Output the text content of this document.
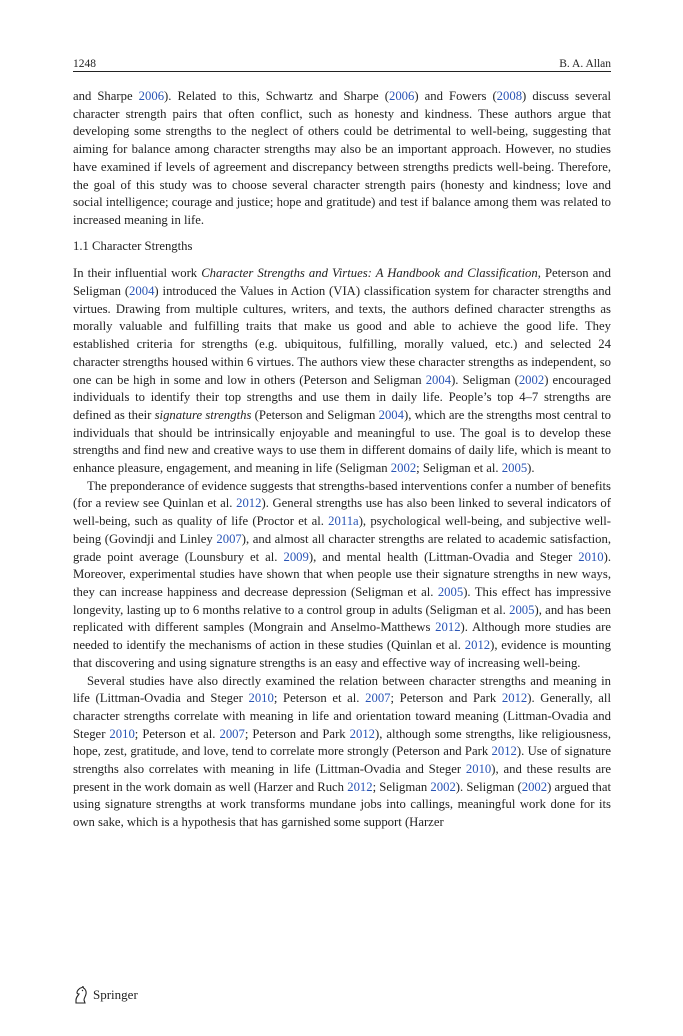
1248	B. A. Allan

and Sharpe 2006). Related to this, Schwartz and Sharpe (2006) and Fowers (2008) discuss several character strength pairs that often conflict, such as honesty and kindness. These authors argue that developing some strengths to the neglect of others could be detrimental to well-being, suggesting that aiming for balance among character strengths may also be an important approach. However, no studies have examined if levels of agreement and discrepancy between strengths predicts well-being. Therefore, the goal of this study was to choose several character strength pairs (honesty and kindness; love and social intelligence; courage and justice; hope and gratitude) and test if balance among them was related to increased meaning in life.

1.1 Character Strengths

In their influential work Character Strengths and Virtues: A Handbook and Classification, Peterson and Seligman (2004) introduced the Values in Action (VIA) classification system for character strengths and virtues. Drawing from multiple cultures, writers, and texts, the authors defined character strengths as morally valuable and fulfilling traits that make us good and able to achieve the good life. They established criteria for strengths (e.g. ubiquitous, fulfilling, morally valued, etc.) and selected 24 character strengths housed within 6 virtues. The authors view these character strengths as independent, so one can be high in some and low in others (Peterson and Seligman 2004). Seligman (2002) encouraged individuals to identify their top strengths and use them in daily life. People’s top 4–7 strengths are defined as their signature strengths (Peterson and Seligman 2004), which are the strengths most central to individuals that should be intrinsically enjoyable and meaningful to use. The goal is to develop these strengths and find new and creative ways to use them in different domains of daily life, which is meant to enhance pleasure, engagement, and meaning in life (Seligman 2002; Seligman et al. 2005).

The preponderance of evidence suggests that strengths-based interventions confer a number of benefits (for a review see Quinlan et al. 2012). General strengths use has also been linked to several indicators of well-being, such as quality of life (Proctor et al. 2011a), psychological well-being, and subjective well-being (Govindji and Linley 2007), and almost all character strengths are related to academic satisfaction, grade point average (Lounsbury et al. 2009), and mental health (Littman-Ovadia and Steger 2010). Moreover, experimental studies have shown that when people use their signature strengths in new ways, they can increase happiness and decrease depression (Seligman et al. 2005). This effect has impressive longevity, lasting up to 6 months relative to a control group in adults (Seligman et al. 2005), and has been replicated with different samples (Mongrain and Anselmo-Matthews 2012). Although more studies are needed to identify the mechanisms of action in these studies (Quinlan et al. 2012), evidence is mounting that discovering and using signature strengths is an easy and effective way of increasing well-being.

Several studies have also directly examined the relation between character strengths and meaning in life (Littman-Ovadia and Steger 2010; Peterson et al. 2007; Peterson and Park 2012). Generally, all character strengths correlate with meaning in life and orientation toward meaning (Littman-Ovadia and Steger 2010; Peterson et al. 2007; Peterson and Park 2012), although some strengths, like religiousness, hope, zest, gratitude, and love, tend to correlate more strongly (Peterson and Park 2012). Use of signature strengths also correlates with meaning in life (Littman-Ovadia and Steger 2010), and these results are present in the work domain as well (Harzer and Ruch 2012; Seligman 2002). Seligman (2002) argued that using signature strengths at work transforms mundane jobs into callings, meaningful work done for its own sake, which is a hypothesis that has garnished some support (Harzer

Springer
